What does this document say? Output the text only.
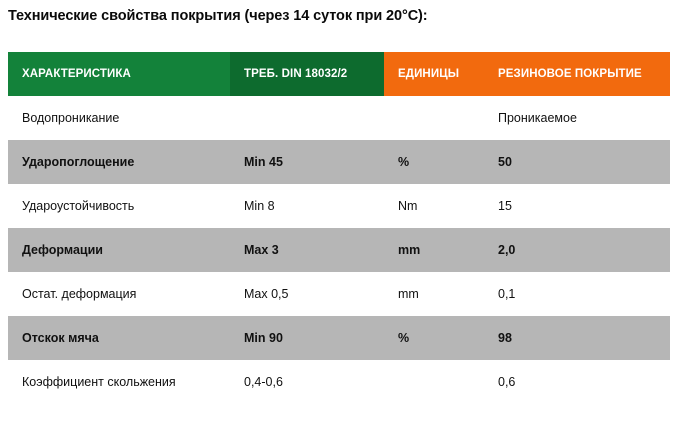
Технические свойства покрытия (через 14 суток при 20°C):
ХАРАКТЕРИСТИКА	ТРЕБ. DIN 18032/2	ЕДИНИЦЫ	РЕЗИНОВОЕ ПОКРЫТИЕ
Водопроникание			Проникаемое
Ударопоглощение	Min 45	%	50
Удароустойчивость	Min 8	Nm	15
Деформации	Max 3	mm	2,0
Остат. деформация	Max 0,5	mm	0,1
Отскок мяча	Min 90	%	98
Коэффициент скольжения	0,4-0,6		0,6
